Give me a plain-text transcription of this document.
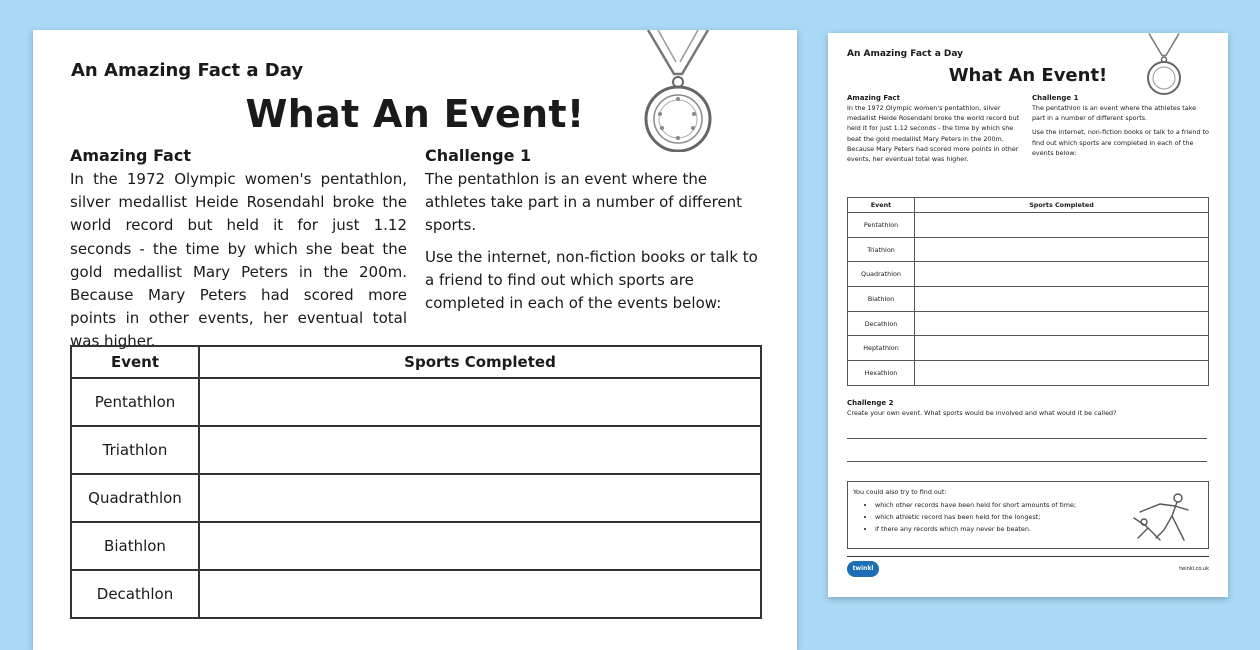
An Amazing Fact a Day
What An Event!
Amazing Fact

In the 1972 Olympic women's pentathlon, silver medallist Heide Rosendahl broke the world record but held it for just 1.12 seconds - the time by which she beat the gold medallist Mary Peters in the 200m. Because Mary Peters had scored more points in other events, her eventual total was higher.

Challenge 1

The pentathlon is an event where the athletes take part in a number of different sports.

Use the internet, non-fiction books or talk to a friend to find out which sports are completed in each of the events below:

Event	Sports Completed
Pentathlon	
Triathlon	
Quadrathlon	
Biathlon	
Decathlon	
An Amazing Fact a Day
What An Event!
Amazing Fact

In the 1972 Olympic women's pentathlon, silver medallist Heide Rosendahl broke the world record but held it for just 1.12 seconds - the time by which she beat the gold medallist Mary Peters in the 200m. Because Mary Peters had scored more points in other events, her eventual total was higher.

Challenge 1

The pentathlon is an event where the athletes take part in a number of different sports.

Use the internet, non-fiction books or talk to a friend to find out which sports are completed in each of the events below:

Event	Sports Completed
Pentathlon	
Triathlon	
Quadrathlon	
Biathlon	
Decathlon	
Heptathlon	
Hexathlon	
Challenge 2

Create your own event. What sports would be involved and what would it be called?

You could also try to find out:
• which other records have been held for short amounts of time;
• which athletic record has been held for the longest;
• if there any records which may never be beaten.
twinkl	twinkl.co.uk
